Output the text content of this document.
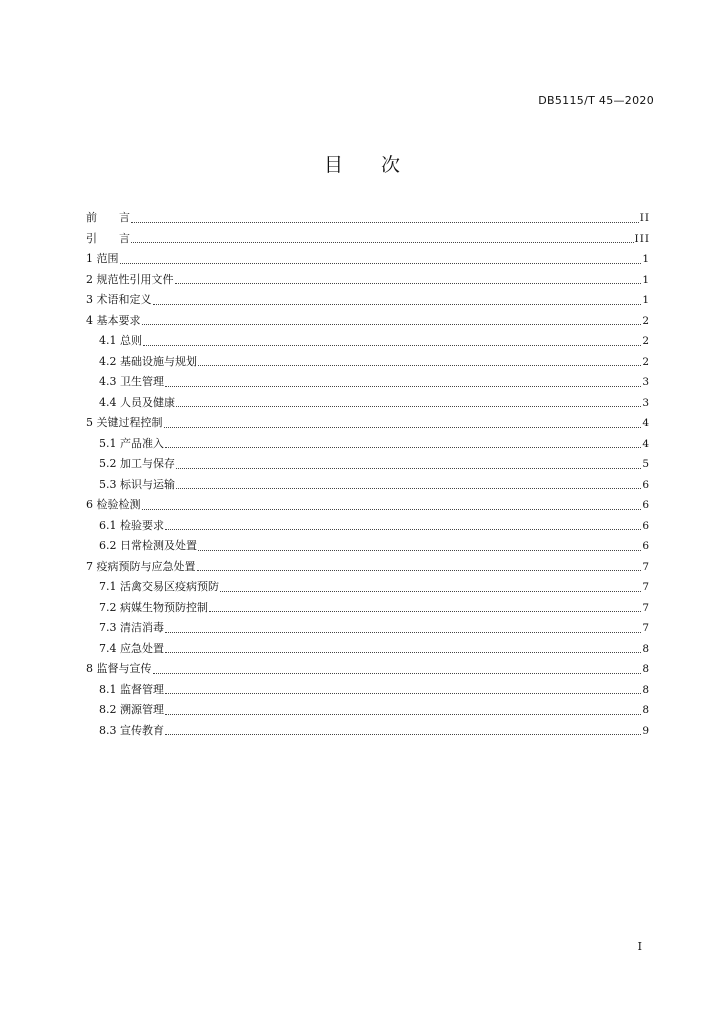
DB5115/T 45—2020
目　　次
前　　言	II
引　　言	III
1 范围	1
2 规范性引用文件	1
3 术语和定义	1
4 基本要求	2
4.1 总则	2
4.2 基础设施与规划	2
4.3 卫生管理	3
4.4 人员及健康	3
5 关键过程控制	4
5.1 产品准入	4
5.2 加工与保存	5
5.3 标识与运输	6
6 检验检测	6
6.1 检验要求	6
6.2 日常检测及处置	6
7 疫病预防与应急处置	7
7.1 活禽交易区疫病预防	7
7.2 病媒生物预防控制	7
7.3 清洁消毒	7
7.4 应急处置	8
8 监督与宣传	8
8.1 监督管理	8
8.2 溯源管理	8
8.3 宣传教育	9
I
